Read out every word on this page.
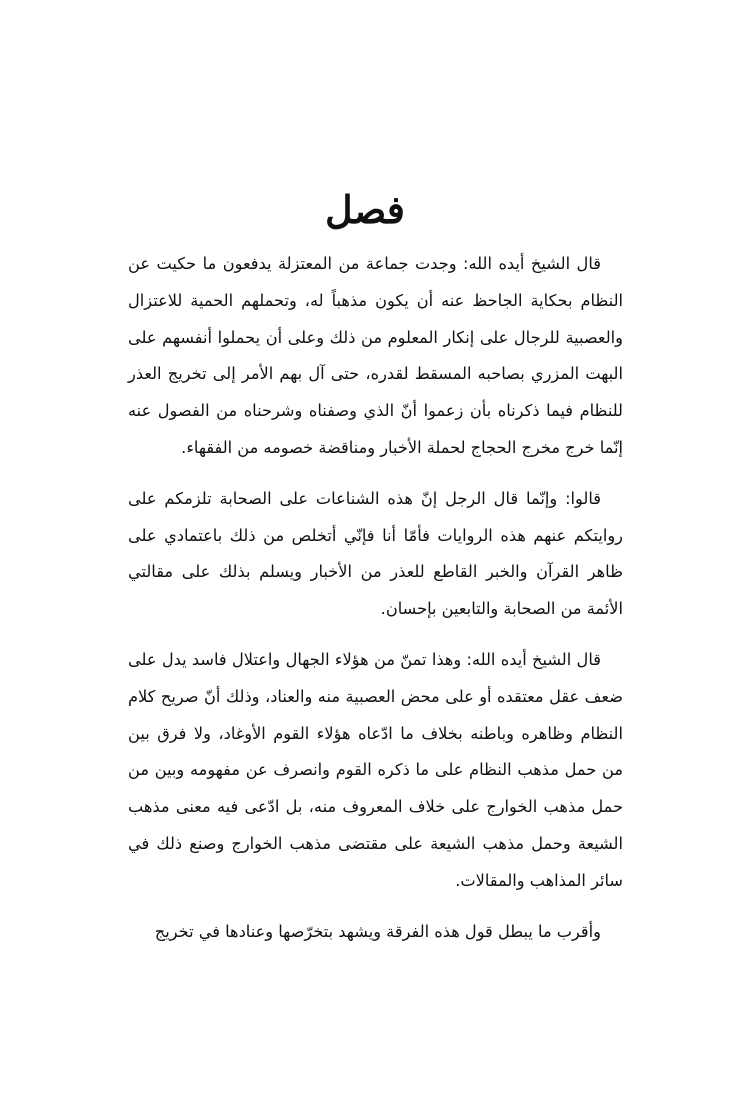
فصل

قال الشيخ أيده الله: وجدت جماعة من المعتزلة يدفعون ما حكيت عن النظام بحكاية الجاحظ عنه أن يكون مذهباً له، وتحملهم الحمية للاعتزال والعصبية للرجال على إنكار المعلوم من ذلك وعلى أن يحملوا أنفسهم على البهت المزري بصاحبه المسقط لقدره، حتى آل بهم الأمر إلى تخريج العذر للنظام فيما ذكرناه بأن زعموا أنّ الذي وصفناه وشرحناه من الفصول عنه إنّما خرج مخرج الحجاج لحملة الأخبار ومناقضة خصومه من الفقهاء.

قالوا: وإنّما قال الرجل إنّ هذه الشناعات على الصحابة تلزمكم على روايتكم عنهم هذه الروايات فأمّا أنا فإنّي أتخلص من ذلك باعتمادي على ظاهر القرآن والخبر القاطع للعذر من الأخبار ويسلم بذلك على مقالتي الأئمة من الصحابة والتابعين بإحسان.

قال الشيخ أيده الله: وهذا تمنّ من هؤلاء الجهال واعتلال فاسد يدل على ضعف عقل معتقده أو على محض العصبية منه والعناد، وذلك أنّ صريح كلام النظام وظاهره وباطنه بخلاف ما ادّعاه هؤلاء القوم الأوغاد، ولا فرق بين من حمل مذهب النظام على ما ذكره القوم وانصرف عن مفهومه وبين من حمل مذهب الخوارج على خلاف المعروف منه، بل ادّعى فيه معنى مذهب الشيعة وحمل مذهب الشيعة على مقتضى مذهب الخوارج وصنع ذلك في سائر المذاهب والمقالات.

وأقرب ما يبطل قول هذه الفرقة ويشهد بتخرّصها وعنادها في تخريج
